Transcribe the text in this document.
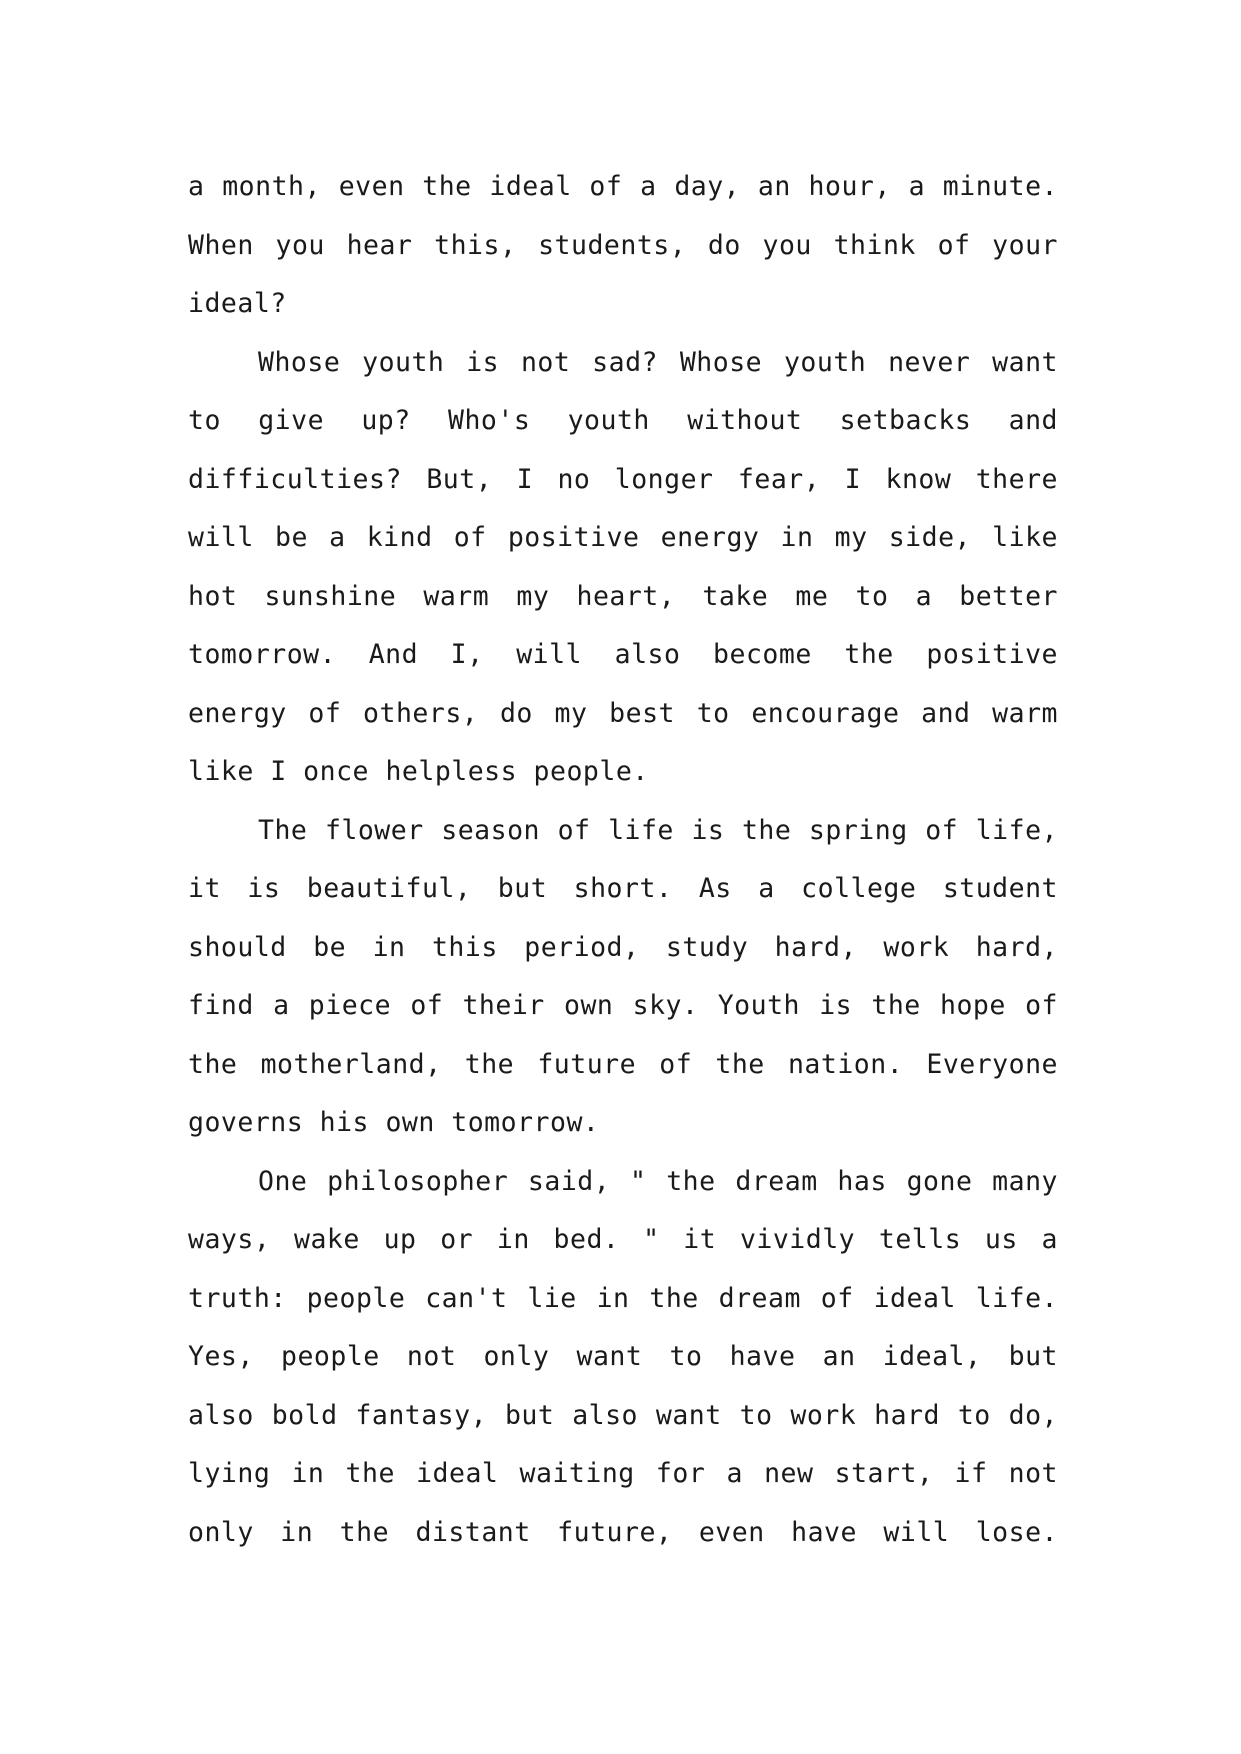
a month, even the ideal of a day, an hour, a minute.
When you hear this, students, do you think of your
ideal?
Whose youth is not sad? Whose youth never want
to give up? Who's youth without setbacks and
difficulties? But, I no longer fear, I know there
will be a kind of positive energy in my side, like
hot sunshine warm my heart, take me to a better
tomorrow. And I, will also become the positive
energy of others, do my best to encourage and warm
like I once helpless people.
The flower season of life is the spring of life,
it is beautiful, but short. As a college student
should be in this period, study hard, work hard,
find a piece of their own sky. Youth is the hope of
the motherland, the future of the nation. Everyone
governs his own tomorrow.
One philosopher said, " the dream has gone many
ways, wake up or in bed. " it vividly tells us a
truth: people can't lie in the dream of ideal life.
Yes, people not only want to have an ideal, but
also bold fantasy, but also want to work hard to do,
lying in the ideal waiting for a new start, if not
only in the distant future, even have will lose.
